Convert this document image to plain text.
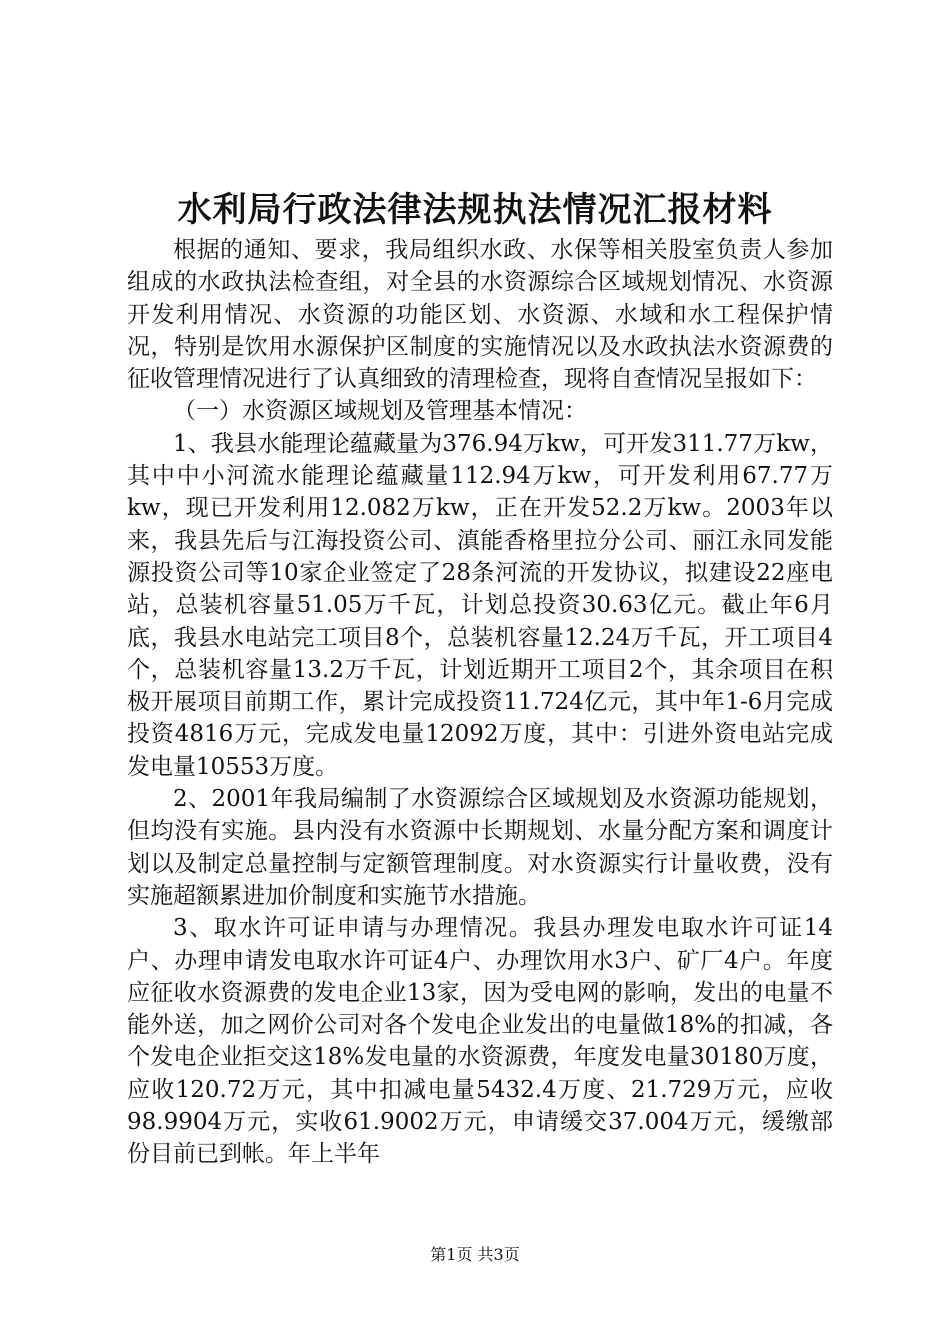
水利局行政法律法规执法情况汇报材料

根据的通知、要求，我局组织水政、水保等相关股室负责人参加组成的水政执法检查组，对全县的水资源综合区域规划情况、水资源开发利用情况、水资源的功能区划、水资源、水域和水工程保护情况，特别是饮用水源保护区制度的实施情况以及水政执法水资源费的征收管理情况进行了认真细致的清理检查，现将自查情况呈报如下：

（一）水资源区域规划及管理基本情况：

1、我县水能理论蕴藏量为376.94万kw，可开发311.77万kw，其中中小河流水能理论蕴藏量112.94万kw，可开发利用67.77万kw，现已开发利用12.082万kw，正在开发52.2万kw。2003年以来，我县先后与江海投资公司、滇能香格里拉分公司、丽江永同发能源投资公司等10家企业签定了28条河流的开发协议，拟建设22座电站，总装机容量51.05万千瓦，计划总投资30.63亿元。截止年6月底，我县水电站完工项目8个，总装机容量12.24万千瓦，开工项目4个，总装机容量13.2万千瓦，计划近期开工项目2个，其余项目在积极开展项目前期工作，累计完成投资11.724亿元，其中年1-6月完成投资4816万元，完成发电量12092万度，其中：引进外资电站完成发电量10553万度。

2、2001年我局编制了水资源综合区域规划及水资源功能规划，但均没有实施。县内没有水资源中长期规划、水量分配方案和调度计划以及制定总量控制与定额管理制度。对水资源实行计量收费，没有实施超额累进加价制度和实施节水措施。

3、取水许可证申请与办理情况。我县办理发电取水许可证14户、办理申请发电取水许可证4户、办理饮用水3户、矿厂4户。年度应征收水资源费的发电企业13家，因为受电网的影响，发出的电量不能外送，加之网价公司对各个发电企业发出的电量做18%的扣减，各个发电企业拒交这18%发电量的水资源费，年度发电量30180万度，应收120.72万元，其中扣减电量5432.4万度、21.729万元，应收98.9904万元，实收61.9002万元，申请缓交37.004万元，缓缴部份目前已到帐。年上半年

第1页 共3页
